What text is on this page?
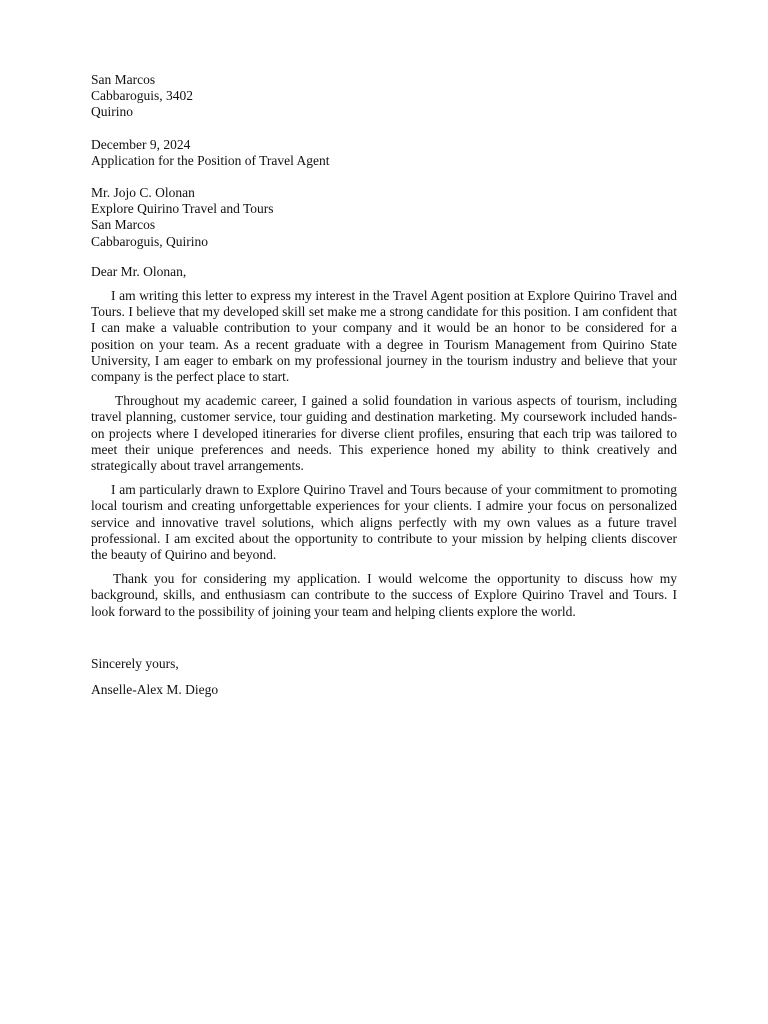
San Marcos
Cabbaroguis, 3402
Quirino
December 9, 2024
Application for the Position of Travel Agent
Mr. Jojo C. Olonan
Explore Quirino Travel and Tours
San Marcos
Cabbaroguis, Quirino

Dear Mr. Olonan,

I am writing this letter to express my interest in the Travel Agent position at Explore Quirino Travel and Tours. I believe that my developed skill set make me a strong candidate for this position. I am confident that I can make a valuable contribution to your company and it would be an honor to be considered for a position on your team. As a recent graduate with a degree in Tourism Management from Quirino State University, I am eager to embark on my professional journey in the tourism industry and believe that your company is the perfect place to start.

Throughout my academic career, I gained a solid foundation in various aspects of tourism, including travel planning, customer service, tour guiding and destination marketing. My coursework included hands-on projects where I developed itineraries for diverse client profiles, ensuring that each trip was tailored to meet their unique preferences and needs. This experience honed my ability to think creatively and strategically about travel arrangements.

I am particularly drawn to Explore Quirino Travel and Tours because of your commitment to promoting local tourism and creating unforgettable experiences for your clients. I admire your focus on personalized service and innovative travel solutions, which aligns perfectly with my own values as a future travel professional. I am excited about the opportunity to contribute to your mission by helping clients discover the beauty of Quirino and beyond.

Thank you for considering my application. I would welcome the opportunity to discuss how my background, skills, and enthusiasm can contribute to the success of Explore Quirino Travel and Tours. I look forward to the possibility of joining your team and helping clients explore the world.

Sincerely yours,

Anselle-Alex M. Diego
